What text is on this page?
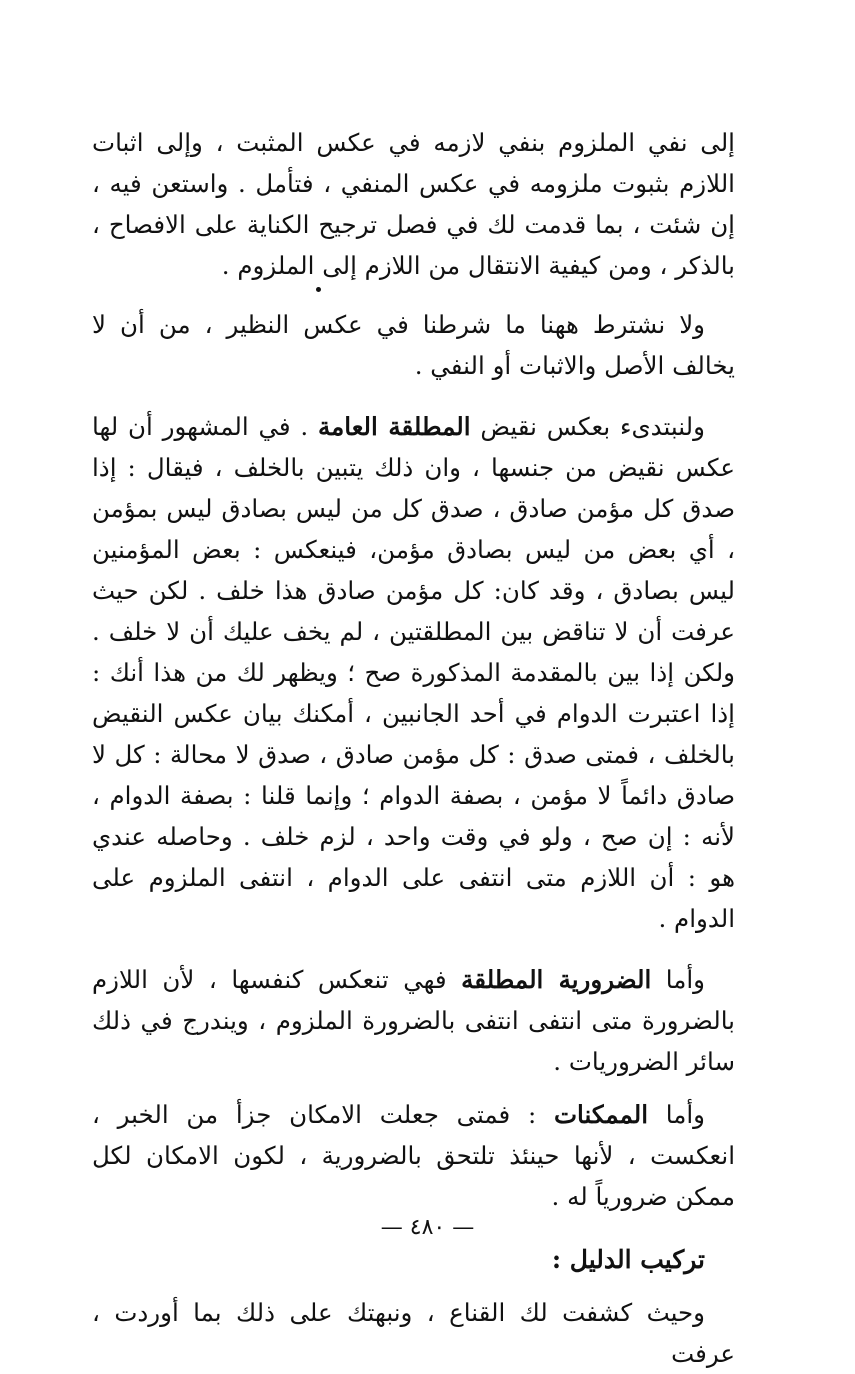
إلى نفي الملزوم بنفي لازمه في عكس المثبت ، وإلى اثبات اللازم بثبوت ملزومه في عكس المنفي ، فتأمل . واستعن فيه ، إن شئت ، بما قدمت لك في فصل ترجيح الكناية على الافصاح ، بالذكر ، ومن كيفية الانتقال من اللازم إلى الملزوم .

ولا نشترط ههنا ما شرطنا في عكس النظير ، من أن لا يخالف الأصل والاثبات أو النفي .

ولنبتدىء بعكس نقيض المطلقة العامة . في المشهور أن لها عكس نقيض من جنسها ، وان ذلك يتبين بالخلف ، فيقال : إذا صدق كل مؤمن صادق ، صدق كل من ليس بصادق ليس بمؤمن ، أي بعض من ليس بصادق مؤمن، فينعكس : بعض المؤمنين ليس بصادق ، وقد كان: كل مؤمن صادق هذا خلف . لكن حيث عرفت أن لا تناقض بين المطلقتين ، لم يخف عليك أن لا خلف . ولكن إذا بين بالمقدمة المذكورة صح ؛ ويظهر لك من هذا أنك : إذا اعتبرت الدوام في أحد الجانبين ، أمكنك بيان عكس النقيض بالخلف ، فمتى صدق : كل مؤمن صادق ، صدق لا محالة : كل لا صادق دائماً لا مؤمن ، بصفة الدوام ؛ وإنما قلنا : بصفة الدوام ، لأنه : إن صح ، ولو في وقت واحد ، لزم خلف . وحاصله عندي هو : أن اللازم متى انتفى على الدوام ، انتفى الملزوم على الدوام .

وأما الضرورية المطلقة فهي تنعكس كنفسها ، لأن اللازم بالضرورة متى انتفى انتفى بالضرورة الملزوم ، ويندرج في ذلك سائر الضروريات .

وأما الممكنات : فمتى جعلت الامكان جزأ من الخبر ، انعكست ، لأنها حينئذ تلتحق بالضرورية ، لكون الامكان لكل ممكن ضرورياً له .

تركيب الدليل :

وحيث كشفت لك القناع ، ونبهتك على ذلك بما أوردت ، عرفت

— ٤٨٠ —
